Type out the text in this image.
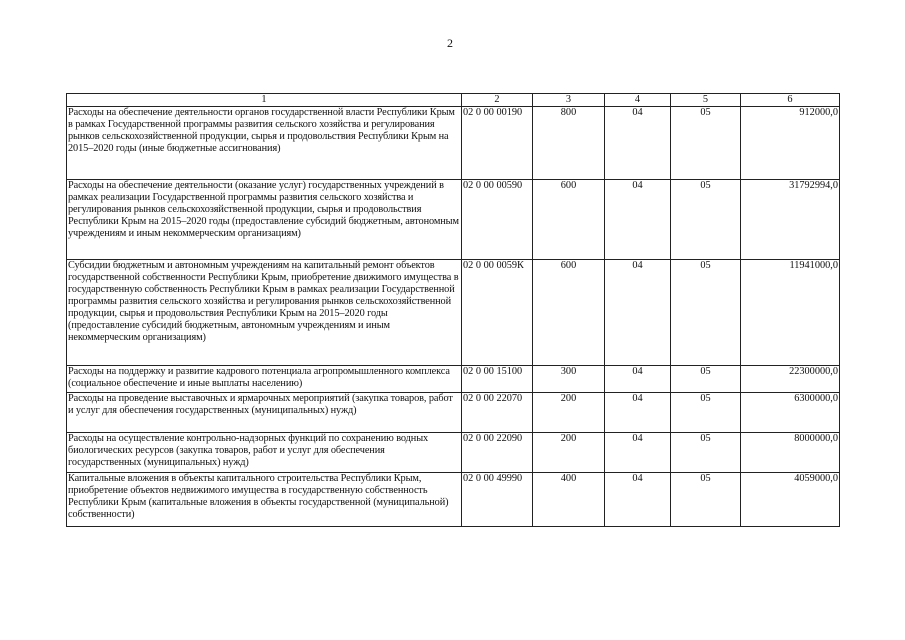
2
1	2	3	4	5	6
Расходы на обеспечение деятельности органов государственной власти Республики Крым в рамках Государственной программы развития сельского хозяйства и регулирования рынков сельскохозяйственной продукции, сырья и продовольствия Республики Крым на 2015–2020 годы (иные бюджетные ассигнования)	02 0 00 00190	800	04	05	912000,0
Расходы на обеспечение деятельности (оказание услуг) государственных учреждений в рамках реализации Государственной программы развития сельского хозяйства и регулирования рынков сельскохозяйственной продукции, сырья и продовольствия Республики Крым на 2015–2020 годы (предоставление субсидий бюджетным, автономным учреждениям и иным некоммерческим организациям)	02 0 00 00590	600	04	05	31792994,0
Субсидии бюджетным и автономным учреждениям на капитальный ремонт объектов государственной собственности Республики Крым, приобретение движимого имущества в государственную собственность Республики Крым в рамках реализации Государственной программы развития сельского хозяйства и регулирования рынков сельскохозяйственной продукции, сырья и продовольствия Республики Крым на 2015–2020 годы (предоставление субсидий бюджетным, автономным учреждениям и иным некоммерческим организациям)	02 0 00 0059К	600	04	05	11941000,0
Расходы на поддержку и развитие кадрового потенциала агропромышленного комплекса (социальное обеспечение и иные выплаты населению)	02 0 00 15100	300	04	05	22300000,0
Расходы на проведение выставочных и ярмарочных мероприятий (закупка товаров, работ и услуг для обеспечения государственных (муниципальных) нужд)	02 0 00 22070	200	04	05	6300000,0
Расходы на осуществление контрольно-надзорных функций по сохранению водных биологических ресурсов (закупка товаров, работ и услуг для обеспечения государственных (муниципальных) нужд)	02 0 00 22090	200	04	05	8000000,0
Капитальные вложения в объекты капитального строительства Республики Крым, приобретение объектов недвижимого имущества в государственную собственность Республики Крым (капитальные вложения в объекты государственной (муниципальной) собственности)	02 0 00 49990	400	04	05	4059000,0
